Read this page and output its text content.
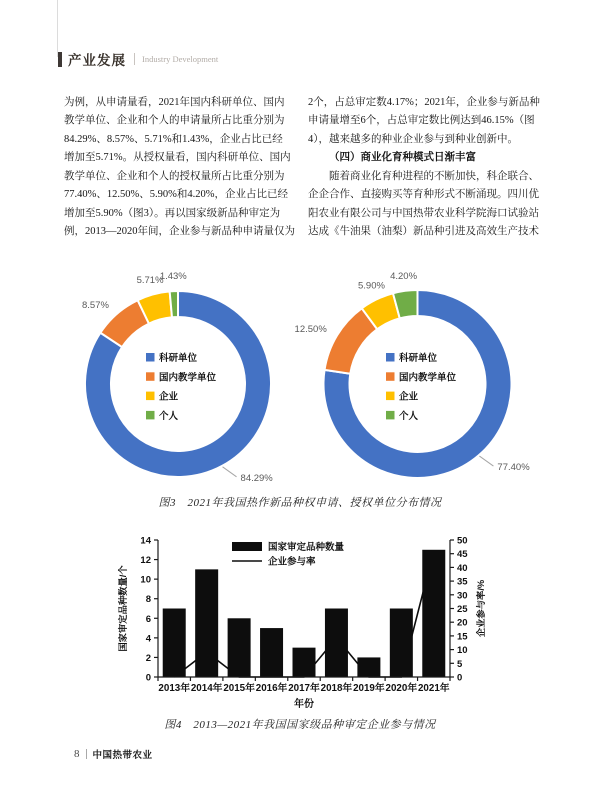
产业发展 Industry Development
为例，从申请量看，2021年国内科研单位、国内
教学单位、企业和个人的申请量所占比重分别为
84.29%、8.57%、5.71%和1.43%，企业占比已经
增加至5.71%。从授权量看，国内科研单位、国内
教学单位、企业和个人的授权量所占比重分别为
77.40%、12.50%、5.90%和4.20%，企业占比已经
增加至5.90%（图3）。再以国家级新品种审定为
例，2013—2020年间，企业参与新品种申请量仅为
2个，占总审定数4.17%；2021年，企业参与新品种
申请量增至6个，占总审定数比例达到46.15%（图
4），越来越多的种业企业参与到种业创新中。
（四）商业化育种模式日渐丰富
随着商业化育种进程的不断加快，科企联合、
企企合作、直接购买等育种形式不断涌现。四川优
阳农业有限公司与中国热带农业科学院海口试验站
达成《牛油果（油梨）新品种引进及高效生产技术
84.29%
8.57%
5.71%
1.43%
科研单位
国内教学单位
企业
个人
77.40%
12.50%
5.90%
4.20%
科研单位
国内教学单位
企业
个人
图3　2021年我国热作新品种权申请、授权单位分布情况
0
2
4
6
8
10
12
14
0
5
10
15
20
25
30
35
40
45
50
2013年 2014年 2015年 2016年 2017年 2018年 2019年 2020年 2021年
年份
国家审定品种数量/个	企业参与率/%
国家审定品种数量
企业参与率
图4　2013—2021年我国国家级品种审定企业参与情况
8 中国热带农业
